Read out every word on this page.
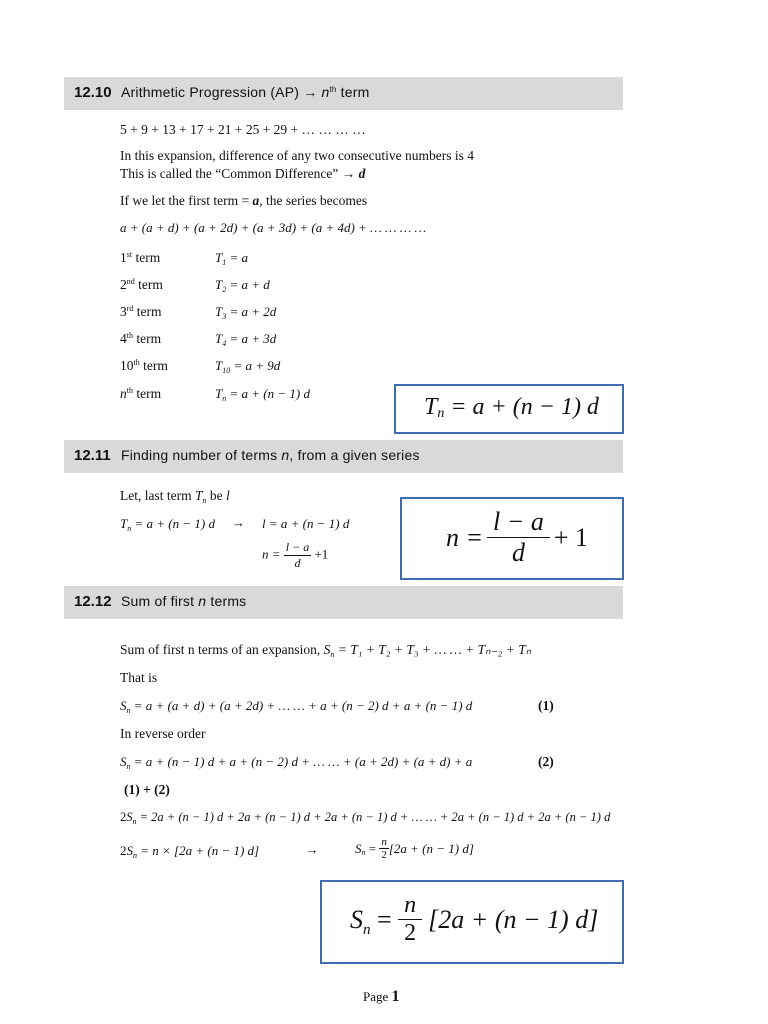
12.10 Arithmetic Progression $(AP) \to n^{th}$ term
5 + 9 + 13 + 17 + 21 + 25 + 29 + … … … …
In this expansion, difference of any two consecutive numbers is 4
This is called the “Common Difference” → d
If we let the first term = a, the series becomes
a + (a + d) + (a + 2d) + (a + 3d) + (a + 4d) + … … … …
1st term	$T_1 = a$
2nd term	$T_2 = a + d$
3rd term	$T_3 = a + 2d$
4th term	$T_4 = a + 3d$
10th term	$T_{10} = a + 9d$
$n^{th}$ term	$T_n = a + (n - 1)$ d
$T_n = a + (n - 1)$ d
12.11 Finding number of terms n, from a given series
Let, last term $T_n$ be l
$T_n = a + (n - 1) d \to l = a + (n - 1)$ d
$n = \frac{l - a}{d} +1$
$n = \frac{l - a}{d} + 1$
12.12 Sum of first n terms
Sum of first n terms of an expansion, $S_n = T_1 + T_2 + T_3$ + … … + Tₙ₋₂ + Tₙ
That is
$S_n = a + (a + d) + (a + 2d)$ + … … + a + (n − 2) d + a + (n − 1) d	(1)
In reverse order
$S_n = a + (n - 1) d + a + (n - 2) d$ + … … + (a + 2d) + (a + d) + a	(2)
(1) + (2)
$2S_n = 2a + (n - 1) d + 2a + (n - 1) d + 2a + (n - 1) d$ + … … + 2a + (n − 1) d + 2a + (n − 1) d
$2S_n = n \times [2a + (n - 1)$ d]	→	S $_n = \frac{n}{2} [2a + (n - 1)$ d]
S $_n = \frac{n}{2} [2a + (n - 1)$ d]
Page 1
